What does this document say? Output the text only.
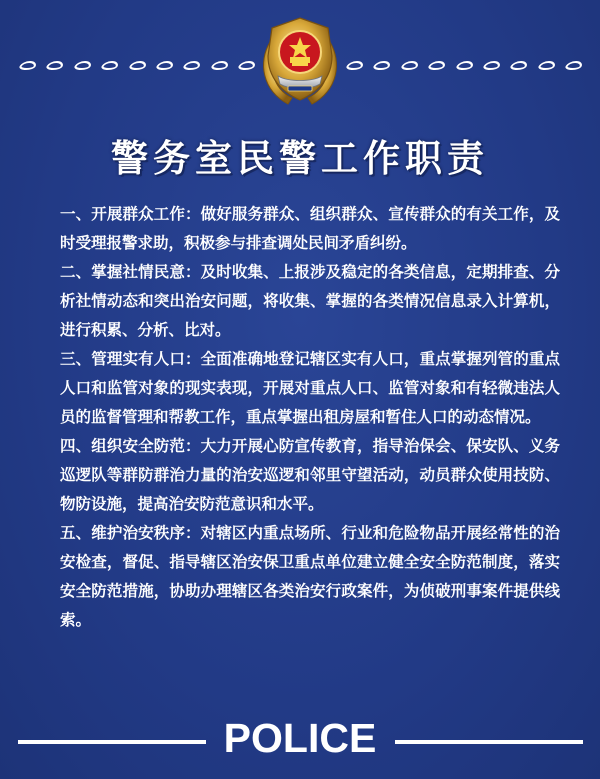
警务室民警工作职责

一、开展群众工作：做好服务群众、组织群众、宣传群众的有关工作，及时受理报警求助，积极参与排查调处民间矛盾纠纷。

二、掌握社情民意：及时收集、上报涉及稳定的各类信息，定期排查、分析社情动态和突出治安问题，将收集、掌握的各类情况信息录入计算机，进行积累、分析、比对。

三、管理实有人口：全面准确地登记辖区实有人口，重点掌握列管的重点人口和监管对象的现实表现，开展对重点人口、监管对象和有轻微违法人员的监督管理和帮教工作，重点掌握出租房屋和暂住人口的动态情况。

四、组织安全防范：大力开展心防宣传教育，指导治保会、保安队、义务巡逻队等群防群治力量的治安巡逻和邻里守望活动，动员群众使用技防、物防设施，提高治安防范意识和水平。

五、维护治安秩序：对辖区内重点场所、行业和危险物品开展经常性的治安检查，督促、指导辖区治安保卫重点单位建立健全安全防范制度，落实安全防范措施，协助办理辖区各类治安行政案件，为侦破刑事案件提供线索。

POLICE
